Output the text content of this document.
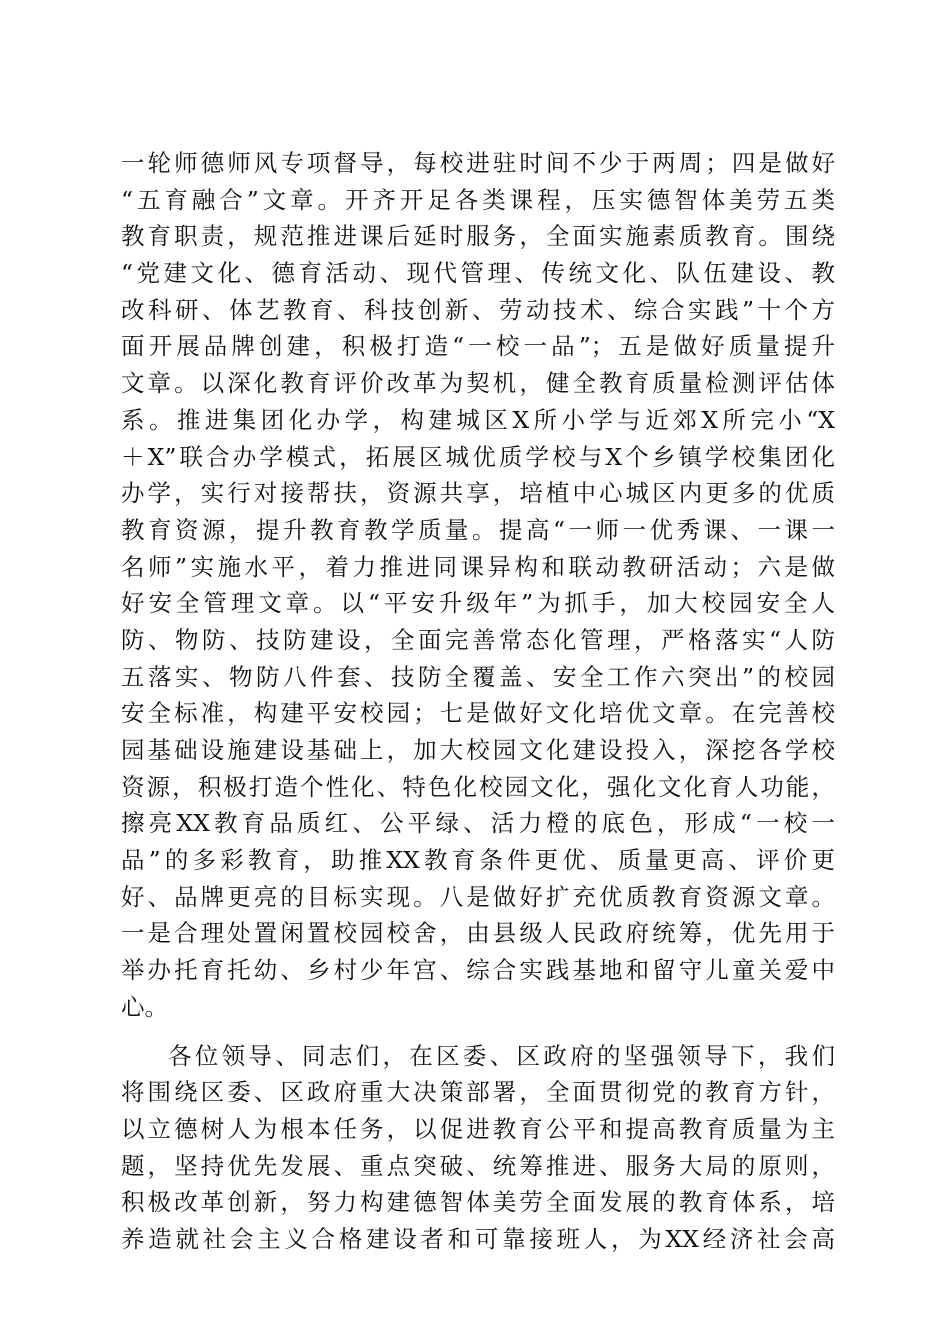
一轮师德师风专项督导，每校进驻时间不少于两周；四是做好
“五育融合”文章。开齐开足各类课程，压实德智体美劳五类
教育职责，规范推进课后延时服务，全面实施素质教育。围绕
“党建文化、德育活动、现代管理、传统文化、队伍建设、教
改科研、体艺教育、科技创新、劳动技术、综合实践”十个方
面开展品牌创建，积极打造“一校一品”；五是做好质量提升
文章。以深化教育评价改革为契机，健全教育质量检测评估体
系。推进集团化办学，构建城区X所小学与近郊X所完小“X
＋X”联合办学模式，拓展区城优质学校与X个乡镇学校集团化
办学，实行对接帮扶，资源共享，培植中心城区内更多的优质
教育资源，提升教育教学质量。提高“一师一优秀课、一课一
名师”实施水平，着力推进同课异构和联动教研活动；六是做
好安全管理文章。以“平安升级年”为抓手，加大校园安全人
防、物防、技防建设，全面完善常态化管理，严格落实“人防
五落实、物防八件套、技防全覆盖、安全工作六突出”的校园
安全标准，构建平安校园；七是做好文化培优文章。在完善校
园基础设施建设基础上，加大校园文化建设投入，深挖各学校
资源，积极打造个性化、特色化校园文化，强化文化育人功能，
擦亮XX教育品质红、公平绿、活力橙的底色，形成“一校一
品”的多彩教育，助推XX教育条件更优、质量更高、评价更
好、品牌更亮的目标实现。八是做好扩充优质教育资源文章。
一是合理处置闲置校园校舍，由县级人民政府统筹，优先用于
举办托育托幼、乡村少年宫、综合实践基地和留守儿童关爱中
心。
各位领导、同志们，在区委、区政府的坚强领导下，我们
将围绕区委、区政府重大决策部署，全面贯彻党的教育方针，
以立德树人为根本任务，以促进教育公平和提高教育质量为主
题，坚持优先发展、重点突破、统筹推进、服务大局的原则，
积极改革创新，努力构建德智体美劳全面发展的教育体系，培
养造就社会主义合格建设者和可靠接班人，为XX经济社会高
